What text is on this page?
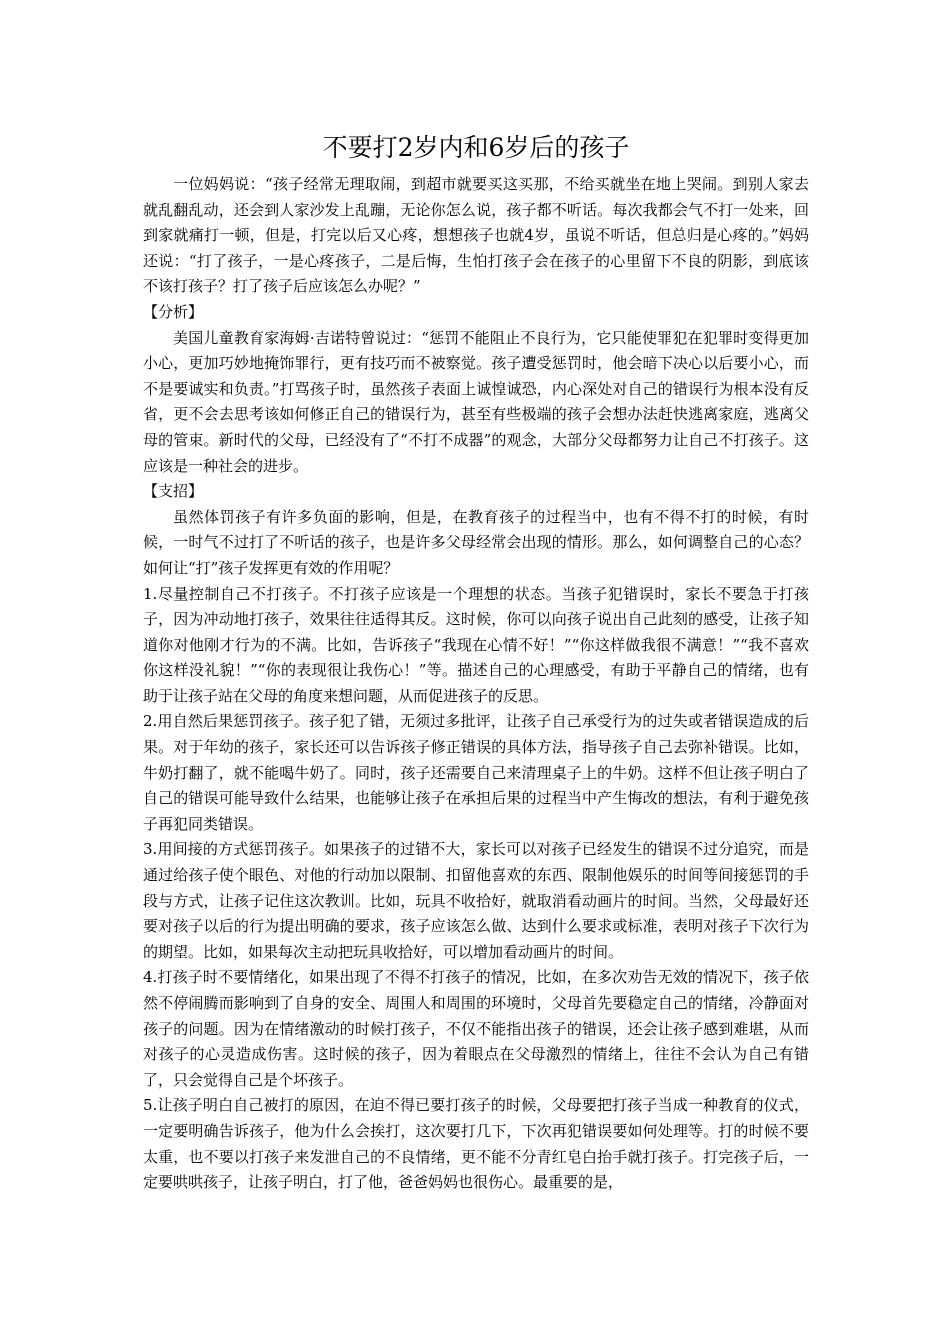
不要打2岁内和6岁后的孩子

一位妈妈说：“孩子经常无理取闹，到超市就要买这买那，不给买就坐在地上哭闹。到别人家去就乱翻乱动，还会到人家沙发上乱蹦，无论你怎么说，孩子都不听话。每次我都会气不打一处来，回到家就痛打一顿，但是，打完以后又心疼，想想孩子也就4岁，虽说不听话，但总归是心疼的。”妈妈还说：“打了孩子，一是心疼孩子，二是后悔，生怕打孩子会在孩子的心里留下不良的阴影，到底该不该打孩子？打了孩子后应该怎么办呢？”

【分析】

美国儿童教育家海姆·吉诺特曾说过：“惩罚不能阻止不良行为，它只能使罪犯在犯罪时变得更加小心，更加巧妙地掩饰罪行，更有技巧而不被察觉。孩子遭受惩罚时，他会暗下决心以后要小心，而不是要诚实和负责。”打骂孩子时，虽然孩子表面上诚惶诚恐，内心深处对自己的错误行为根本没有反省，更不会去思考该如何修正自己的错误行为，甚至有些极端的孩子会想办法赶快逃离家庭，逃离父母的管束。新时代的父母，已经没有了“不打不成器”的观念，大部分父母都努力让自己不打孩子。这应该是一种社会的进步。

【支招】

虽然体罚孩子有许多负面的影响，但是，在教育孩子的过程当中，也有不得不打的时候，有时候，一时气不过打了不听话的孩子，也是许多父母经常会出现的情形。那么，如何调整自己的心态？如何让“打”孩子发挥更有效的作用呢？

1.尽量控制自己不打孩子。不打孩子应该是一个理想的状态。当孩子犯错误时，家长不要急于打孩子，因为冲动地打孩子，效果往往适得其反。这时候，你可以向孩子说出自己此刻的感受，让孩子知道你对他刚才行为的不满。比如，告诉孩子“我现在心情不好！”“你这样做我很不满意！”“我不喜欢你这样没礼貌！”“你的表现很让我伤心！”等。描述自己的心理感受，有助于平静自己的情绪，也有助于让孩子站在父母的角度来想问题，从而促进孩子的反思。

2.用自然后果惩罚孩子。孩子犯了错，无须过多批评，让孩子自己承受行为的过失或者错误造成的后果。对于年幼的孩子，家长还可以告诉孩子修正错误的具体方法，指导孩子自己去弥补错误。比如，牛奶打翻了，就不能喝牛奶了。同时，孩子还需要自己来清理桌子上的牛奶。这样不但让孩子明白了自己的错误可能导致什么结果，也能够让孩子在承担后果的过程当中产生悔改的想法，有利于避免孩子再犯同类错误。

3.用间接的方式惩罚孩子。如果孩子的过错不大，家长可以对孩子已经发生的错误不过分追究，而是通过给孩子使个眼色、对他的行动加以限制、扣留他喜欢的东西、限制他娱乐的时间等间接惩罚的手段与方式，让孩子记住这次教训。比如，玩具不收拾好，就取消看动画片的时间。当然，父母最好还要对孩子以后的行为提出明确的要求，孩子应该怎么做、达到什么要求或标准，表明对孩子下次行为的期望。比如，如果每次主动把玩具收拾好，可以增加看动画片的时间。

4.打孩子时不要情绪化，如果出现了不得不打孩子的情况，比如，在多次劝告无效的情况下，孩子依然不停闹腾而影响到了自身的安全、周围人和周围的环境时，父母首先要稳定自己的情绪，冷静面对孩子的问题。因为在情绪激动的时候打孩子，不仅不能指出孩子的错误，还会让孩子感到难堪，从而对孩子的心灵造成伤害。这时候的孩子，因为着眼点在父母激烈的情绪上，往往不会认为自己有错了，只会觉得自己是个坏孩子。

5.让孩子明白自己被打的原因，在迫不得已要打孩子的时候，父母要把打孩子当成一种教育的仪式，一定要明确告诉孩子，他为什么会挨打，这次要打几下，下次再犯错误要如何处理等。打的时候不要太重，也不要以打孩子来发泄自己的不良情绪，更不能不分青红皂白抬手就打孩子。打完孩子后，一定要哄哄孩子，让孩子明白，打了他，爸爸妈妈也很伤心。最重要的是，
